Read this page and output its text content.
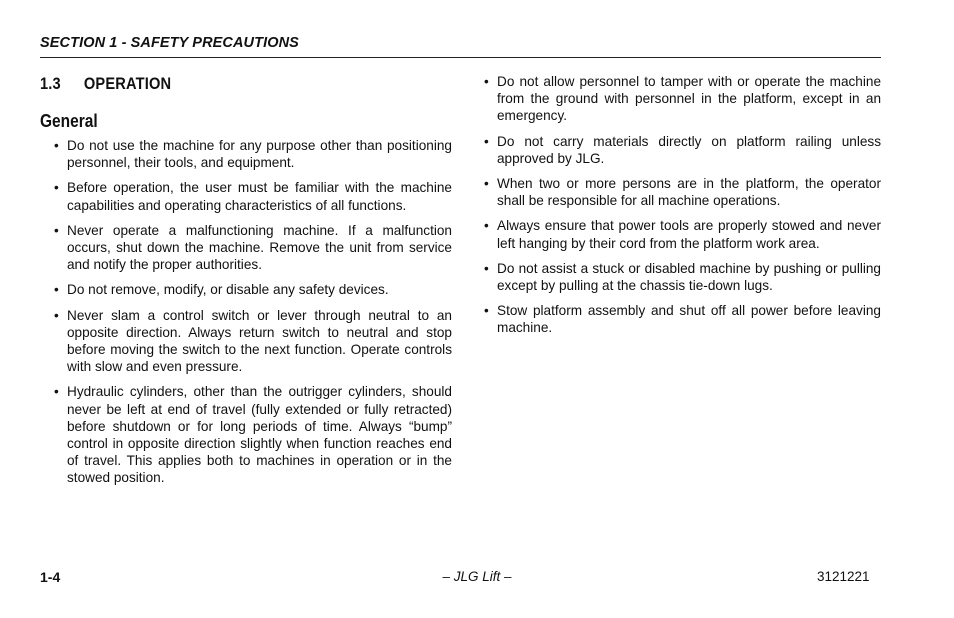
SECTION 1 - SAFETY PRECAUTIONS
1.3 OPERATION
General
• Do not use the machine for any purpose other than positioning personnel, their tools, and equipment.
• Before operation, the user must be familiar with the machine capabilities and operating characteristics of all functions.
• Never operate a malfunctioning machine. If a malfunction occurs, shut down the machine. Remove the unit from service and notify the proper authorities.
• Do not remove, modify, or disable any safety devices.
• Never slam a control switch or lever through neutral to an opposite direction. Always return switch to neutral and stop before moving the switch to the next function. Operate controls with slow and even pressure.
• Hydraulic cylinders, other than the outrigger cylinders, should never be left at end of travel (fully extended or fully retracted) before shutdown or for long periods of time. Always “bump” control in opposite direction slightly when function reaches end of travel. This applies both to machines in operation or in the stowed position.
• Do not allow personnel to tamper with or operate the machine from the ground with personnel in the platform, except in an emergency.
• Do not carry materials directly on platform railing unless approved by JLG.
• When two or more persons are in the platform, the operator shall be responsible for all machine operations.
• Always ensure that power tools are properly stowed and never left hanging by their cord from the platform work area.
• Do not assist a stuck or disabled machine by pushing or pulling except by pulling at the chassis tie-down lugs.
• Stow platform assembly and shut off all power before leaving machine.
1-4	– JLG Lift –	3121221
